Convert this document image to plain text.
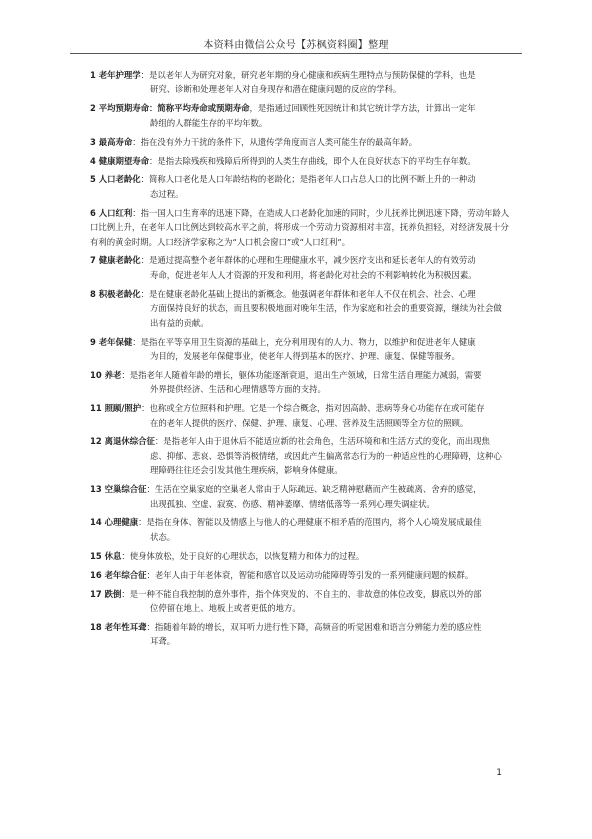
本资料由微信公众号【苏枫资料圈】整理
1 老年护理学：是以老年人为研究对象，研究老年期的身心健康和疾病生理特点与预防保健的学科，也是
研究、诊断和处理老年人对自身现存和潜在健康问题的反应的学科。
2 平均预期寿命：简称平均寿命或预期寿命，是指通过回顾性死因统计和其它统计学方法，计算出一定年
龄组的人群能生存的平均年数。
3 最高寿命：指在没有外力干扰的条件下，从遗传学角度而言人类可能生存的最高年龄。
4 健康期望寿命：是指去除残疾和残障后所得到的人类生存曲线，即个人在良好状态下的平均生存年数。
5 人口老龄化：简称人口老化是人口年龄结构的老龄化；是指老年人口占总人口的比例不断上升的一种动
态过程。
6 人口红利：指一国人口生育率的迅速下降，在造成人口老龄化加速的同时，少儿抚养比例迅速下降，劳动年龄人口比例上升，在老年人口比例达到较高水平之前，将形成一个劳动力资源相对丰富，抚养负担轻，对经济发展十分有利的黄金时期。人口经济学家称之为“人口机会窗口”或“人口红利”。
7 健康老龄化：是通过提高整个老年群体的心理和生理健康水平，减少医疗支出和延长老年人的有效劳动
寿命，促进老年人人才资源的开发和利用，将老龄化对社会的不利影响转化为积极因素。
8 积极老龄化：是在健康老龄化基础上提出的新概念。他强调老年群体和老年人不仅在机会、社会、心理
方面保持良好的状态，而且要积极地面对晚年生活，作为家庭和社会的重要资源，继续为社会做出有益的贡献。
9 老年保健：是指在平等享用卫生资源的基础上，充分利用现有的人力、物力，以维护和促进老年人健康
为目的，发展老年保健事业，使老年人得到基本的医疗、护理、康复、保健等服务。
10 养老：是指老年人随着年龄的增长，躯体功能逐渐衰退，退出生产领域，日常生活自理能力减弱，需要
外界提供经济、生活和心理情感等方面的支持。
11 照顾/照护：也称或全方位照料和护理。它是一个综合概念，指对因高龄、悲病等身心功能存在或可能存
在的老年人提供的医疗、保健、护理、康复、心理、营养及生活照顾等全方位的照顾。
12 离退休综合征：是指老年人由于退休后不能适应新的社会角色，生活环境和和生活方式的变化，而出现焦
虑、抑郁、悲哀、恐惧等消极情绪，或因此产生偏离常态行为的一种适应性的心理障碍，这种心理障碍往往还会引发其他生理疾病，影响身体健康。
13 空巢综合征：生活在空巢家庭的空巢老人常由于人际疏远、缺乏精神慰藉而产生被疏离、舍弃的感觉，
出现孤独、空虚、寂寞、伤感、精神萎靡、情绪低落等一系列心理失调症状。
14 心理健康：是指在身体、智能以及情感上与他人的心理健康不相矛盾的范围内，将个人心境发展成最佳
状态。
15 休息：使身体放松，处于良好的心理状态，以恢复精力和体力的过程。
16 老年综合征：老年人由于年老体衰，智能和感官以及运动功能障碍等引发的一系列健康问题的候群。
17 跌倒：是一种不能自我控制的意外事件，指个体突发的、不自主的、非故意的体位改变，脚底以外的部
位停留在地上、地板上或者更低的地方。
18 老年性耳聋：指随着年龄的增长，双耳听力进行性下降，高频音的听觉困难和语言分辨能力差的感应性
耳聋。
1
